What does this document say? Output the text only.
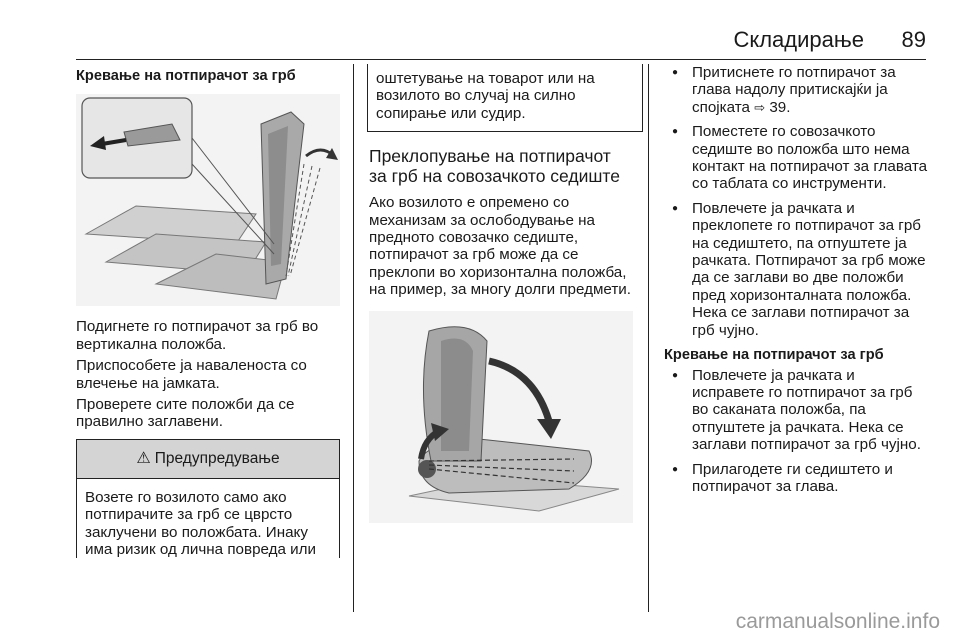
Складирање 89
Кревање на потпирачот за грб

Подигнете го потпирачот за грб во вертикална положба.

Приспособете ја наваленоста со влечење на јамката.

Проверете сите положби да се правилно заглавени.

⚠ Предупредување
Возете го возилото само ако потпирачите за грб се цврсто заклучени во положбата. Инаку има ризик од лична повреда или
оштетување на товарот или на возилото во случај на силно сопирање или судир.
Преклопување на потпирачот за грб на совозачкото седиште

Ако возилото е опремено со механизам за ослободување на предното совозачко седиште, потпирачот за грб може да се преклопи во хоризонтална положба, на пример, за многу долги предмети.

● Притиснете го потпирачот за глава надолу притискајќи ја спојката ⇨ 39.
● Поместете го совозачкото седиште во положба што нема контакт на потпирачот за главата со таблата со инструменти.
● Повлечете ја рачката и преклопете го потпирачот за грб на седиштето, па отпуштете ја рачката. Потпирачот за грб може да се заглави во две положби пред хоризонталната положба. Нека се заглави потпирачот за грб чујно.
Кревање на потпирачот за грб
● Повлечете ја рачката и исправете го потпирачот за грб во саканата положба, па отпуштете ја рачката. Нека се заглави потпирачот за грб чујно.
● Прилагодете ги седиштето и потпирачот за глава.
carmanualsonline.info
